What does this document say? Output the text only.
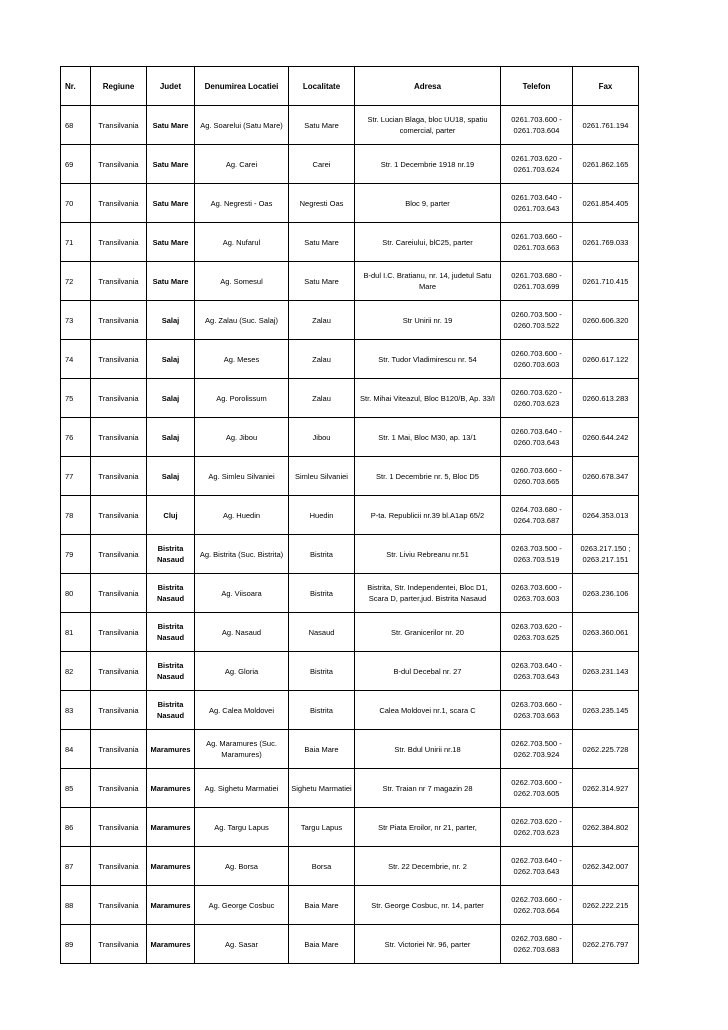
Nr.	Regiune	Judet	Denumirea Locatiei	Localitate	Adresa	Telefon	Fax
68	Transilvania	Satu Mare	Ag. Soarelui (Satu Mare)	Satu Mare	Str. Lucian Blaga, bloc UU18, spatiu comercial, parter	0261.703.600 - 0261.703.604	0261.761.194
69	Transilvania	Satu Mare	Ag. Carei	Carei	Str. 1 Decembrie 1918 nr.19	0261.703.620 - 0261.703.624	0261.862.165
70	Transilvania	Satu Mare	Ag. Negresti - Oas	Negresti Oas	Bloc 9, parter	0261.703.640 - 0261.703.643	0261.854.405
71	Transilvania	Satu Mare	Ag. Nufarul	Satu Mare	Str. Careiului, blC25, parter	0261.703.660 - 0261.703.663	0261.769.033
72	Transilvania	Satu Mare	Ag. Somesul	Satu Mare	B-dul I.C. Bratianu, nr. 14, judetul Satu Mare	0261.703.680 - 0261.703.699	0261.710.415
73	Transilvania	Salaj	Ag. Zalau (Suc. Salaj)	Zalau	Str Unirii nr. 19	0260.703.500 - 0260.703.522	0260.606.320
74	Transilvania	Salaj	Ag. Meses	Zalau	Str. Tudor Vladimirescu nr. 54	0260.703.600 - 0260.703.603	0260.617.122
75	Transilvania	Salaj	Ag. Porolissum	Zalau	Str. Mihai Viteazul, Bloc B120/B, Ap. 33/I	0260.703.620 - 0260.703.623	0260.613.283
76	Transilvania	Salaj	Ag. Jibou	Jibou	Str. 1 Mai, Bloc M30, ap. 13/1	0260.703.640 - 0260.703.643	0260.644.242
77	Transilvania	Salaj	Ag. Simleu Silvaniei	Simleu Silvaniei	Str. 1 Decembrie nr. 5, Bloc D5	0260.703.660 - 0260.703.665	0260.678.347
78	Transilvania	Cluj	Ag. Huedin	Huedin	P-ta. Republicii nr.39 bl.A1ap 65/2	0264.703.680 - 0264.703.687	0264.353.013
79	Transilvania	Bistrita Nasaud	Ag. Bistrita (Suc. Bistrita)	Bistrita	Str. Liviu Rebreanu nr.51	0263.703.500 - 0263.703.519	0263.217.150 ; 0263.217.151
80	Transilvania	Bistrita Nasaud	Ag. Viisoara	Bistrita	Bistrita, Str. Independentei, Bloc D1, Scara D, parter,jud. Bistrita Nasaud	0263.703.600 - 0263.703.603	0263.236.106
81	Transilvania	Bistrita Nasaud	Ag. Nasaud	Nasaud	Str. Granicerilor nr. 20	0263.703.620 - 0263.703.625	0263.360.061
82	Transilvania	Bistrita Nasaud	Ag. Gloria	Bistrita	B-dul Decebal nr. 27	0263.703.640 - 0263.703.643	0263.231.143
83	Transilvania	Bistrita Nasaud	Ag. Calea Moldovei	Bistrita	Calea Moldovei nr.1, scara C	0263.703.660 - 0263.703.663	0263.235.145
84	Transilvania	Maramures	Ag. Maramures (Suc. Maramures)	Baia Mare	Str. Bdul Unirii nr.18	0262.703.500 - 0262.703.924	0262.225.728
85	Transilvania	Maramures	Ag. Sighetu Marmatiei	Sighetu Marmatiei	Str. Traian nr 7 magazin 28	0262.703.600 - 0262.703.605	0262.314.927
86	Transilvania	Maramures	Ag. Targu Lapus	Targu Lapus	Str Piata Eroilor, nr 21, parter,	0262.703.620 - 0262.703.623	0262.384.802
87	Transilvania	Maramures	Ag. Borsa	Borsa	Str. 22 Decembrie, nr. 2	0262.703.640 - 0262.703.643	0262.342.007
88	Transilvania	Maramures	Ag. George Cosbuc	Baia Mare	Str. George Cosbuc, nr. 14, parter	0262.703.660 - 0262.703.664	0262.222.215
89	Transilvania	Maramures	Ag. Sasar	Baia Mare	Str. Victoriei Nr. 96, parter	0262.703.680 - 0262.703.683	0262.276.797
